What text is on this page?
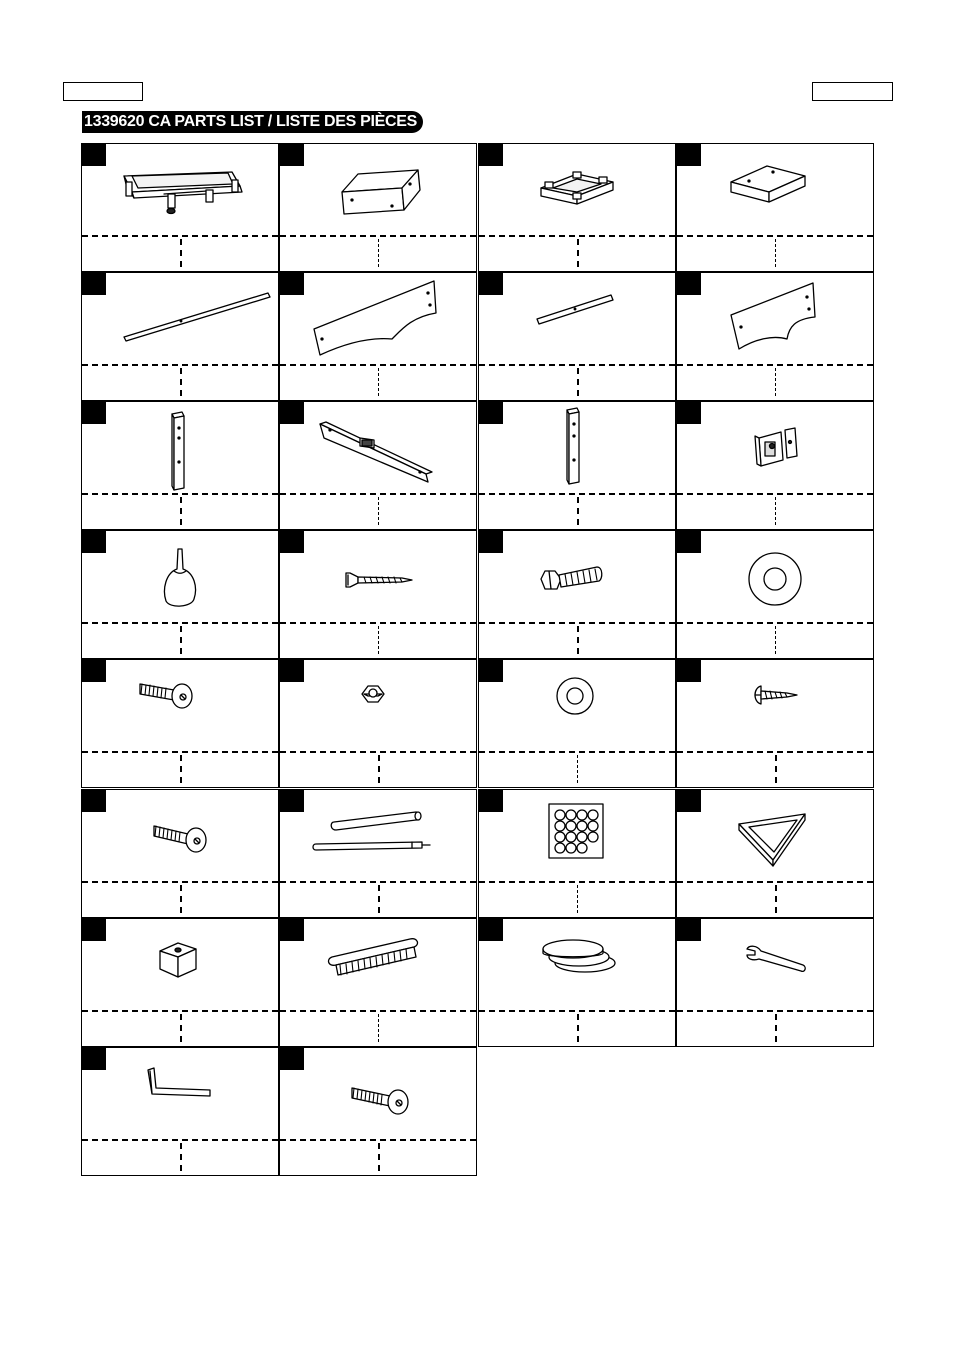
1339620 CA PARTS LIST / LISTE DES PIÈCES
